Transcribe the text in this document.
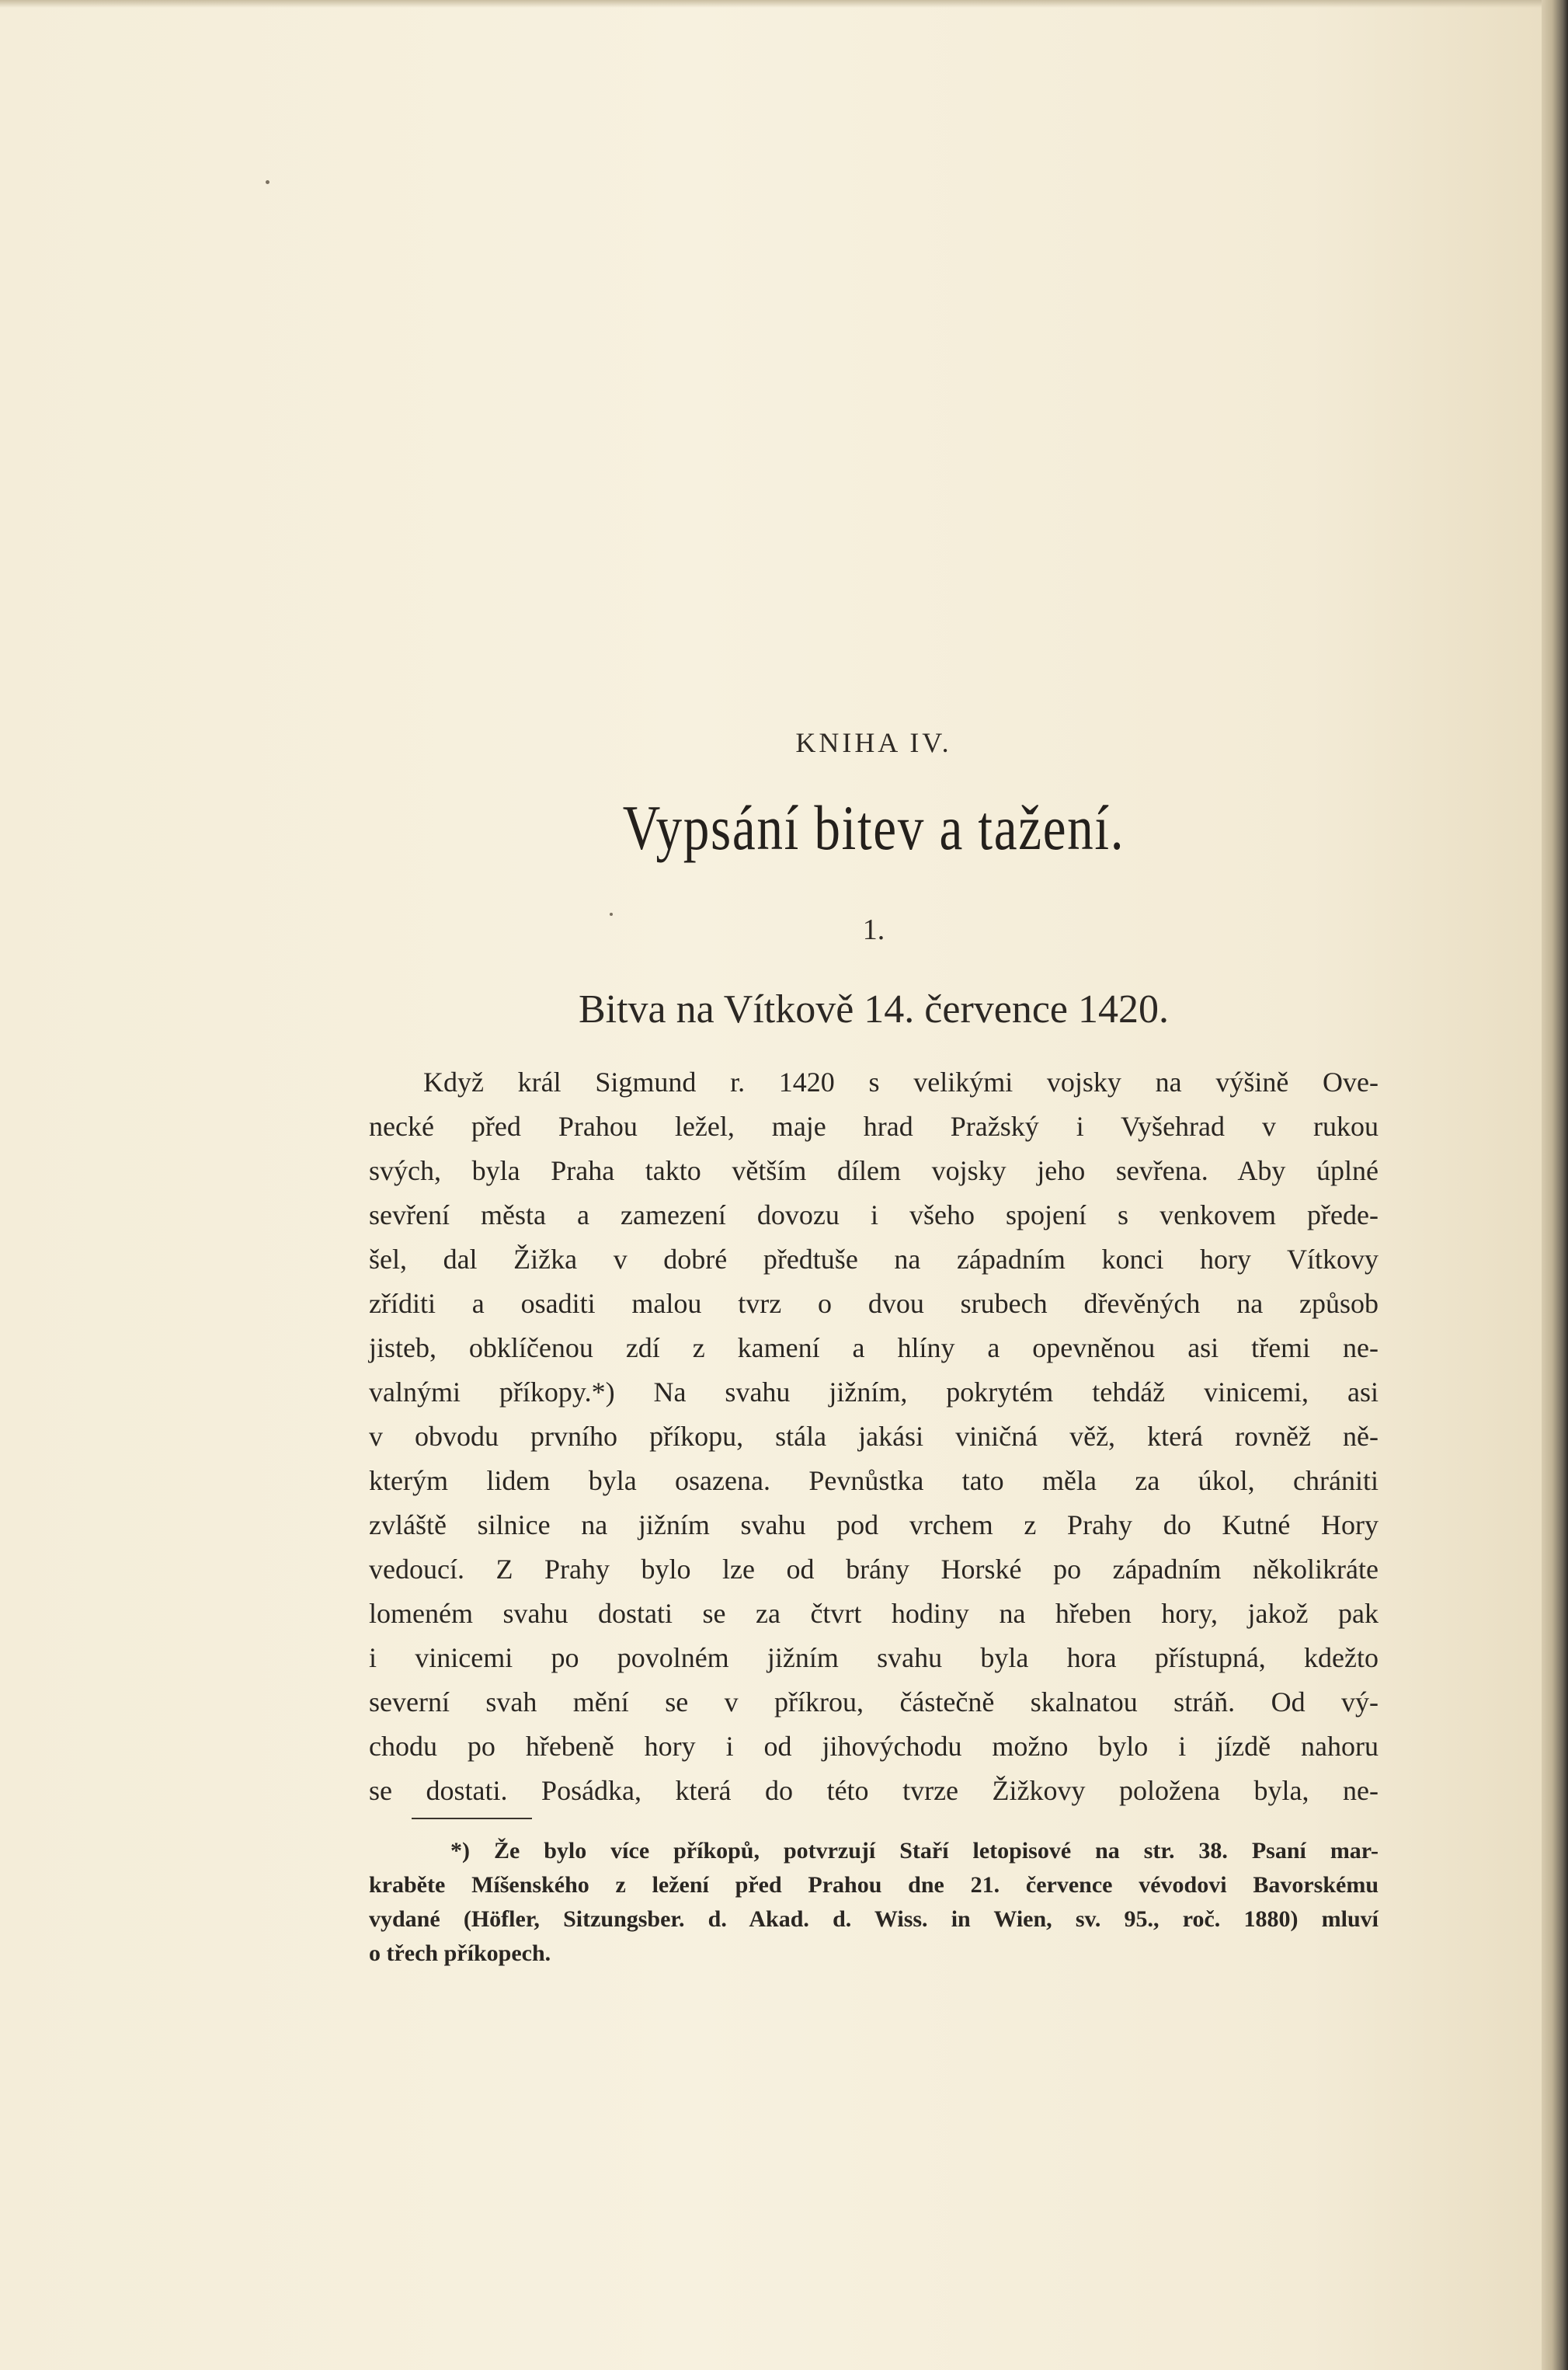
KNIHA IV.
Vypsání bitev a tažení.
1.
Bitva na Vítkově 14. července 1420.
Když král Sigmund r. 1420 s velikými vojsky na výšině Ove-
necké před Prahou ležel, maje hrad Pražský i Vyšehrad v rukou
svých, byla Praha takto větším dílem vojsky jeho sevřena. Aby úplné
sevření města a zamezení dovozu i všeho spojení s venkovem přede-
šel, dal Žižka v dobré předtuše na západním konci hory Vítkovy
zříditi a osaditi malou tvrz o dvou srubech dřevěných na způsob
jisteb, obklíčenou zdí z kamení a hlíny a opevněnou asi třemi ne-
valnými příkopy.*) Na svahu jižním, pokrytém tehdáž vinicemi, asi
v obvodu prvního příkopu, stála jakási viničná věž, která rovněž ně-
kterým lidem byla osazena. Pevnůstka tato měla za úkol, chrániti
zvláště silnice na jižním svahu pod vrchem z Prahy do Kutné Hory
vedoucí. Z Prahy bylo lze od brány Horské po západním několikráte
lomeném svahu dostati se za čtvrt hodiny na hřeben hory, jakož pak
i vinicemi po povolném jižním svahu byla hora přístupná, kdežto
severní svah mění se v příkrou, částečně skalnatou stráň. Od vý-
chodu po hřebeně hory i od jihovýchodu možno bylo i jízdě nahoru
se dostati. Posádka, která do této tvrze Žižkovy položena byla, ne-
*) Že bylo více příkopů, potvrzují Staří letopisové na str. 38. Psaní mar-
kraběte Míšenského z ležení před Prahou dne 21. července vévodovi Bavorskému
vydané (Höfler, Sitzungsber. d. Akad. d. Wiss. in Wien, sv. 95., roč. 1880) mluví
o třech příkopech.
